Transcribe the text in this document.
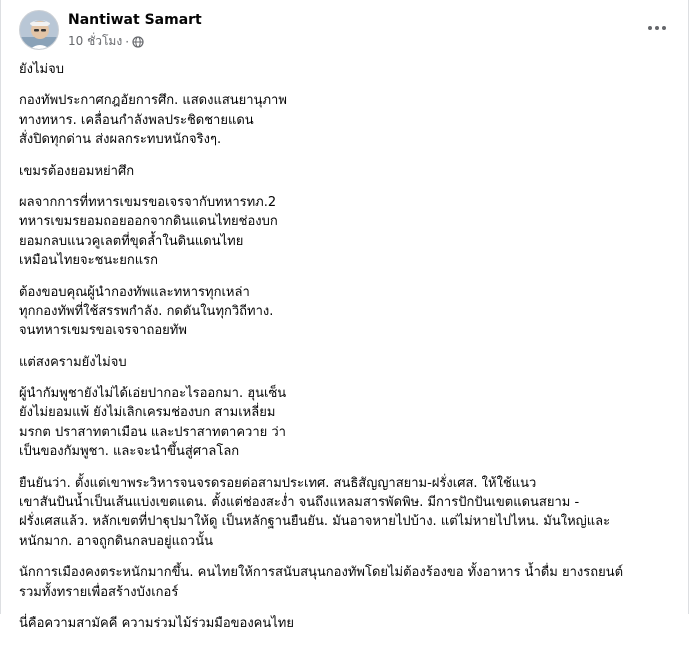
Nantiwat Samart
10 ชั่วโมง ·
ยังไม่จบ
กองทัพประกาศกฎอัยการศึก. แสดงแสนยานุภาพ
ทางทหาร. เคลื่อนกำลังพลประชิดชายแดน
สั่งปิดทุกด่าน ส่งผลกระทบหนักจริงๆ.
เขมรต้องยอมหย่าศึก
ผลจากการที่ทหารเขมรขอเจรจากับทหารทภ.2
ทหารเขมรยอมถอยออกจากดินแดนไทยช่องบก
ยอมกลบแนวคูเลตที่ขุดล้ำในดินแดนไทย
เหมือนไทยจะชนะยกแรก
ต้องขอบคุณผู้นำกองทัพและทหารทุกเหล่า
ทุกกองทัพที่ใช้สรรพกำลัง. กดดันในทุกวิถีทาง.
จนทหารเขมรขอเจรจาถอยทัพ
แต่สงครามยังไม่จบ
ผู้นำกัมพูชายังไม่ได้เอ่ยปากอะไรออกมา. ฮุนเซ็น
ยังไม่ยอมแพ้ ยังไม่เลิกเครมช่องบก สามเหลี่ยม
มรกต ปราสาทตาเมือน และปราสาทตาควาย ว่า
เป็นของกัมพูชา. และจะนำขึ้นสู่ศาลโลก
ยืนยันว่า. ตั้งแต่เขาพระวิหารจนจรดรอยต่อสามประเทศ. สนธิสัญญาสยาม-ฝรั่งเศส. ให้ใช้แนว
เขาสันปันน้ำเป็นเส้นแบ่งเขตแดน. ตั้งแต่ช่องสะง่ำ จนถึงแหลมสารพัดพิษ. มีการปักปันเขตแดนสยาม -
ฝรั่งเศสแล้ว. หลักเขตที่ปาฐุปมาให้ดู เป็นหลักฐานยืนยัน. มันอาจหายไปบ้าง. แต่ไม่หายไปไหน. มันใหญ่และ
หนักมาก. อาจถูกดินกลบอยู่แถวนั้น
นักการเมืองคงตระหนักมากขึ้น. คนไทยให้การสนับสนุนกองทัพโดยไม่ต้องร้องขอ ทั้งอาหาร น้ำดื่ม ยางรถยนต์
รวมทั้งทรายเพื่อสร้างบังเกอร์
นี่คือความสามัคคี ความร่วมไม้ร่วมมือของคนไทย
